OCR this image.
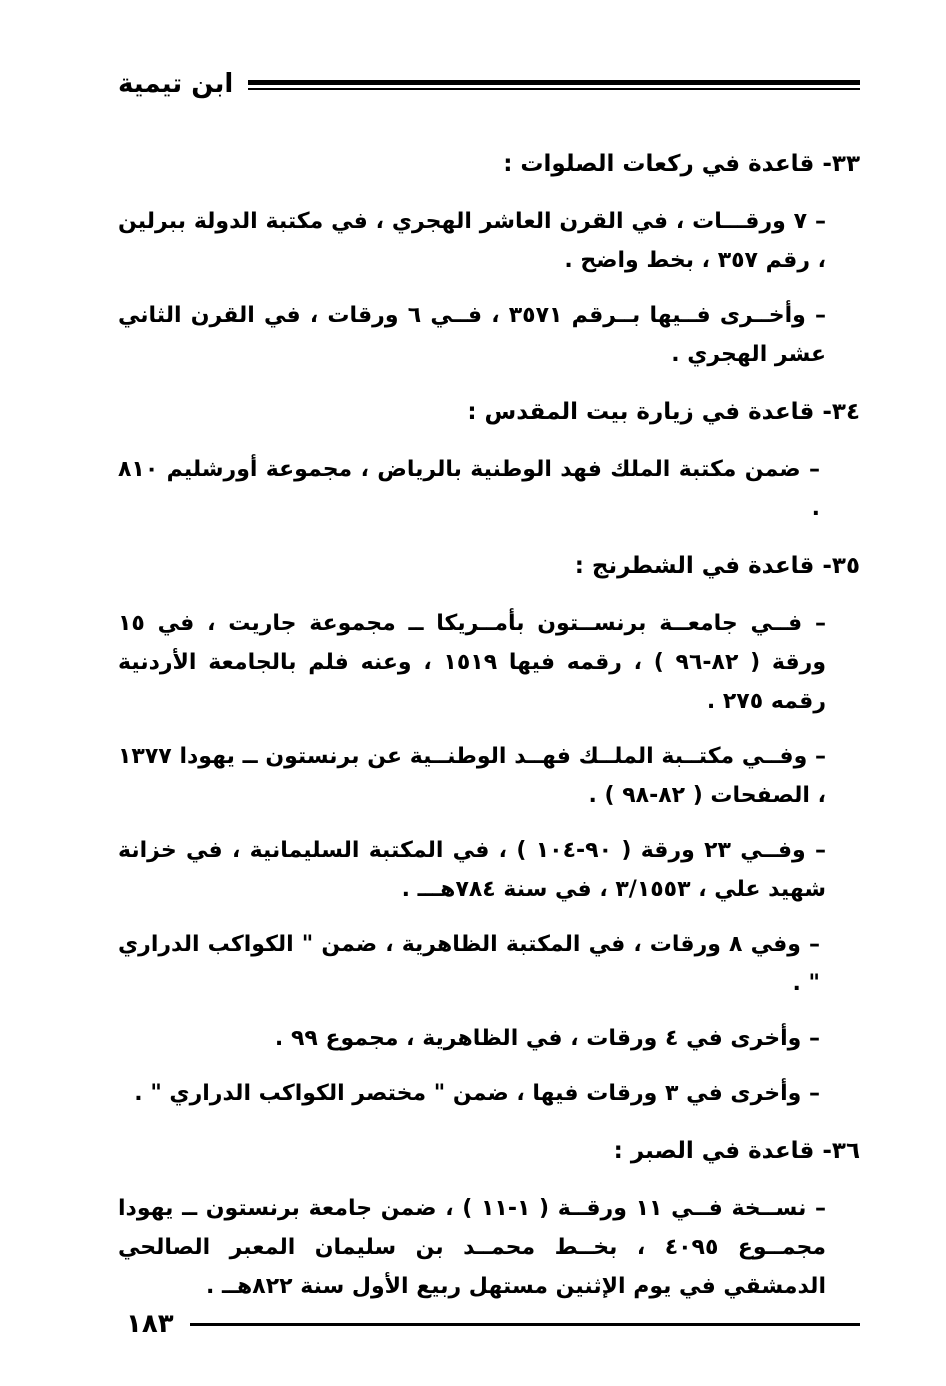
ابن تيمية
٣٣- قاعدة في ركعات الصلوات :
– ٧ ورقـــات ، في القرن العاشر الهجري ، في مكتبة الدولة ببرلين ، رقم ٣٥٧ ، بخط واضح .
– وأخــرى فــيها بــرقم ٣٥٧١ ، فــي ٦ ورقات ، في القرن الثاني عشر الهجري .
٣٤- قاعدة في زيارة بيت المقدس :
– ضمن مكتبة الملك فهد الوطنية بالرياض ، مجموعة أورشليم ٨١٠ .
٣٥- قاعدة في الشطرنج :
– فــي جامعــة برنســتون بأمــريكا ــ مجموعة جاريت ، في ١٥ ورقة ( ٨٢-٩٦ ) ، رقمه فيها ١٥١٩ ، وعنه فلم بالجامعة الأردنية رقمه ٢٧٥ .
– وفــي مكتــبة الملــك فهــد الوطنــية عن برنستون ــ يهودا ١٣٧٧ ، الصفحات ( ٨٢-٩٨ ) .
– وفــي ٢٣ ورقة ( ٩٠-١٠٤ ) ، في المكتبة السليمانية ، في خزانة شهيد علي ، ٣/١٥٥٣ ، في سنة ٧٨٤هـــ .
– وفي ٨ ورقات ، في المكتبة الظاهرية ، ضمن " الكواكب الدراري " .
– وأخرى في ٤ ورقات ، في الظاهرية ، مجموع ٩٩ .
– وأخرى في ٣ ورقات فيها ، ضمن " مختصر الكواكب الدراري " .
٣٦- قاعدة في الصبر :
– نســخة فــي ١١ ورقــة ( ١-١١ ) ، ضمن جامعة برنستون ــ يهودا مجمــوع ٤٠٩٥ ، بخــط محمــد بن سليمان المعبر الصالحي الدمشقي في يوم الإثنين مستهل ربيع الأول سنة ٨٢٢هــ .
١٨٣
